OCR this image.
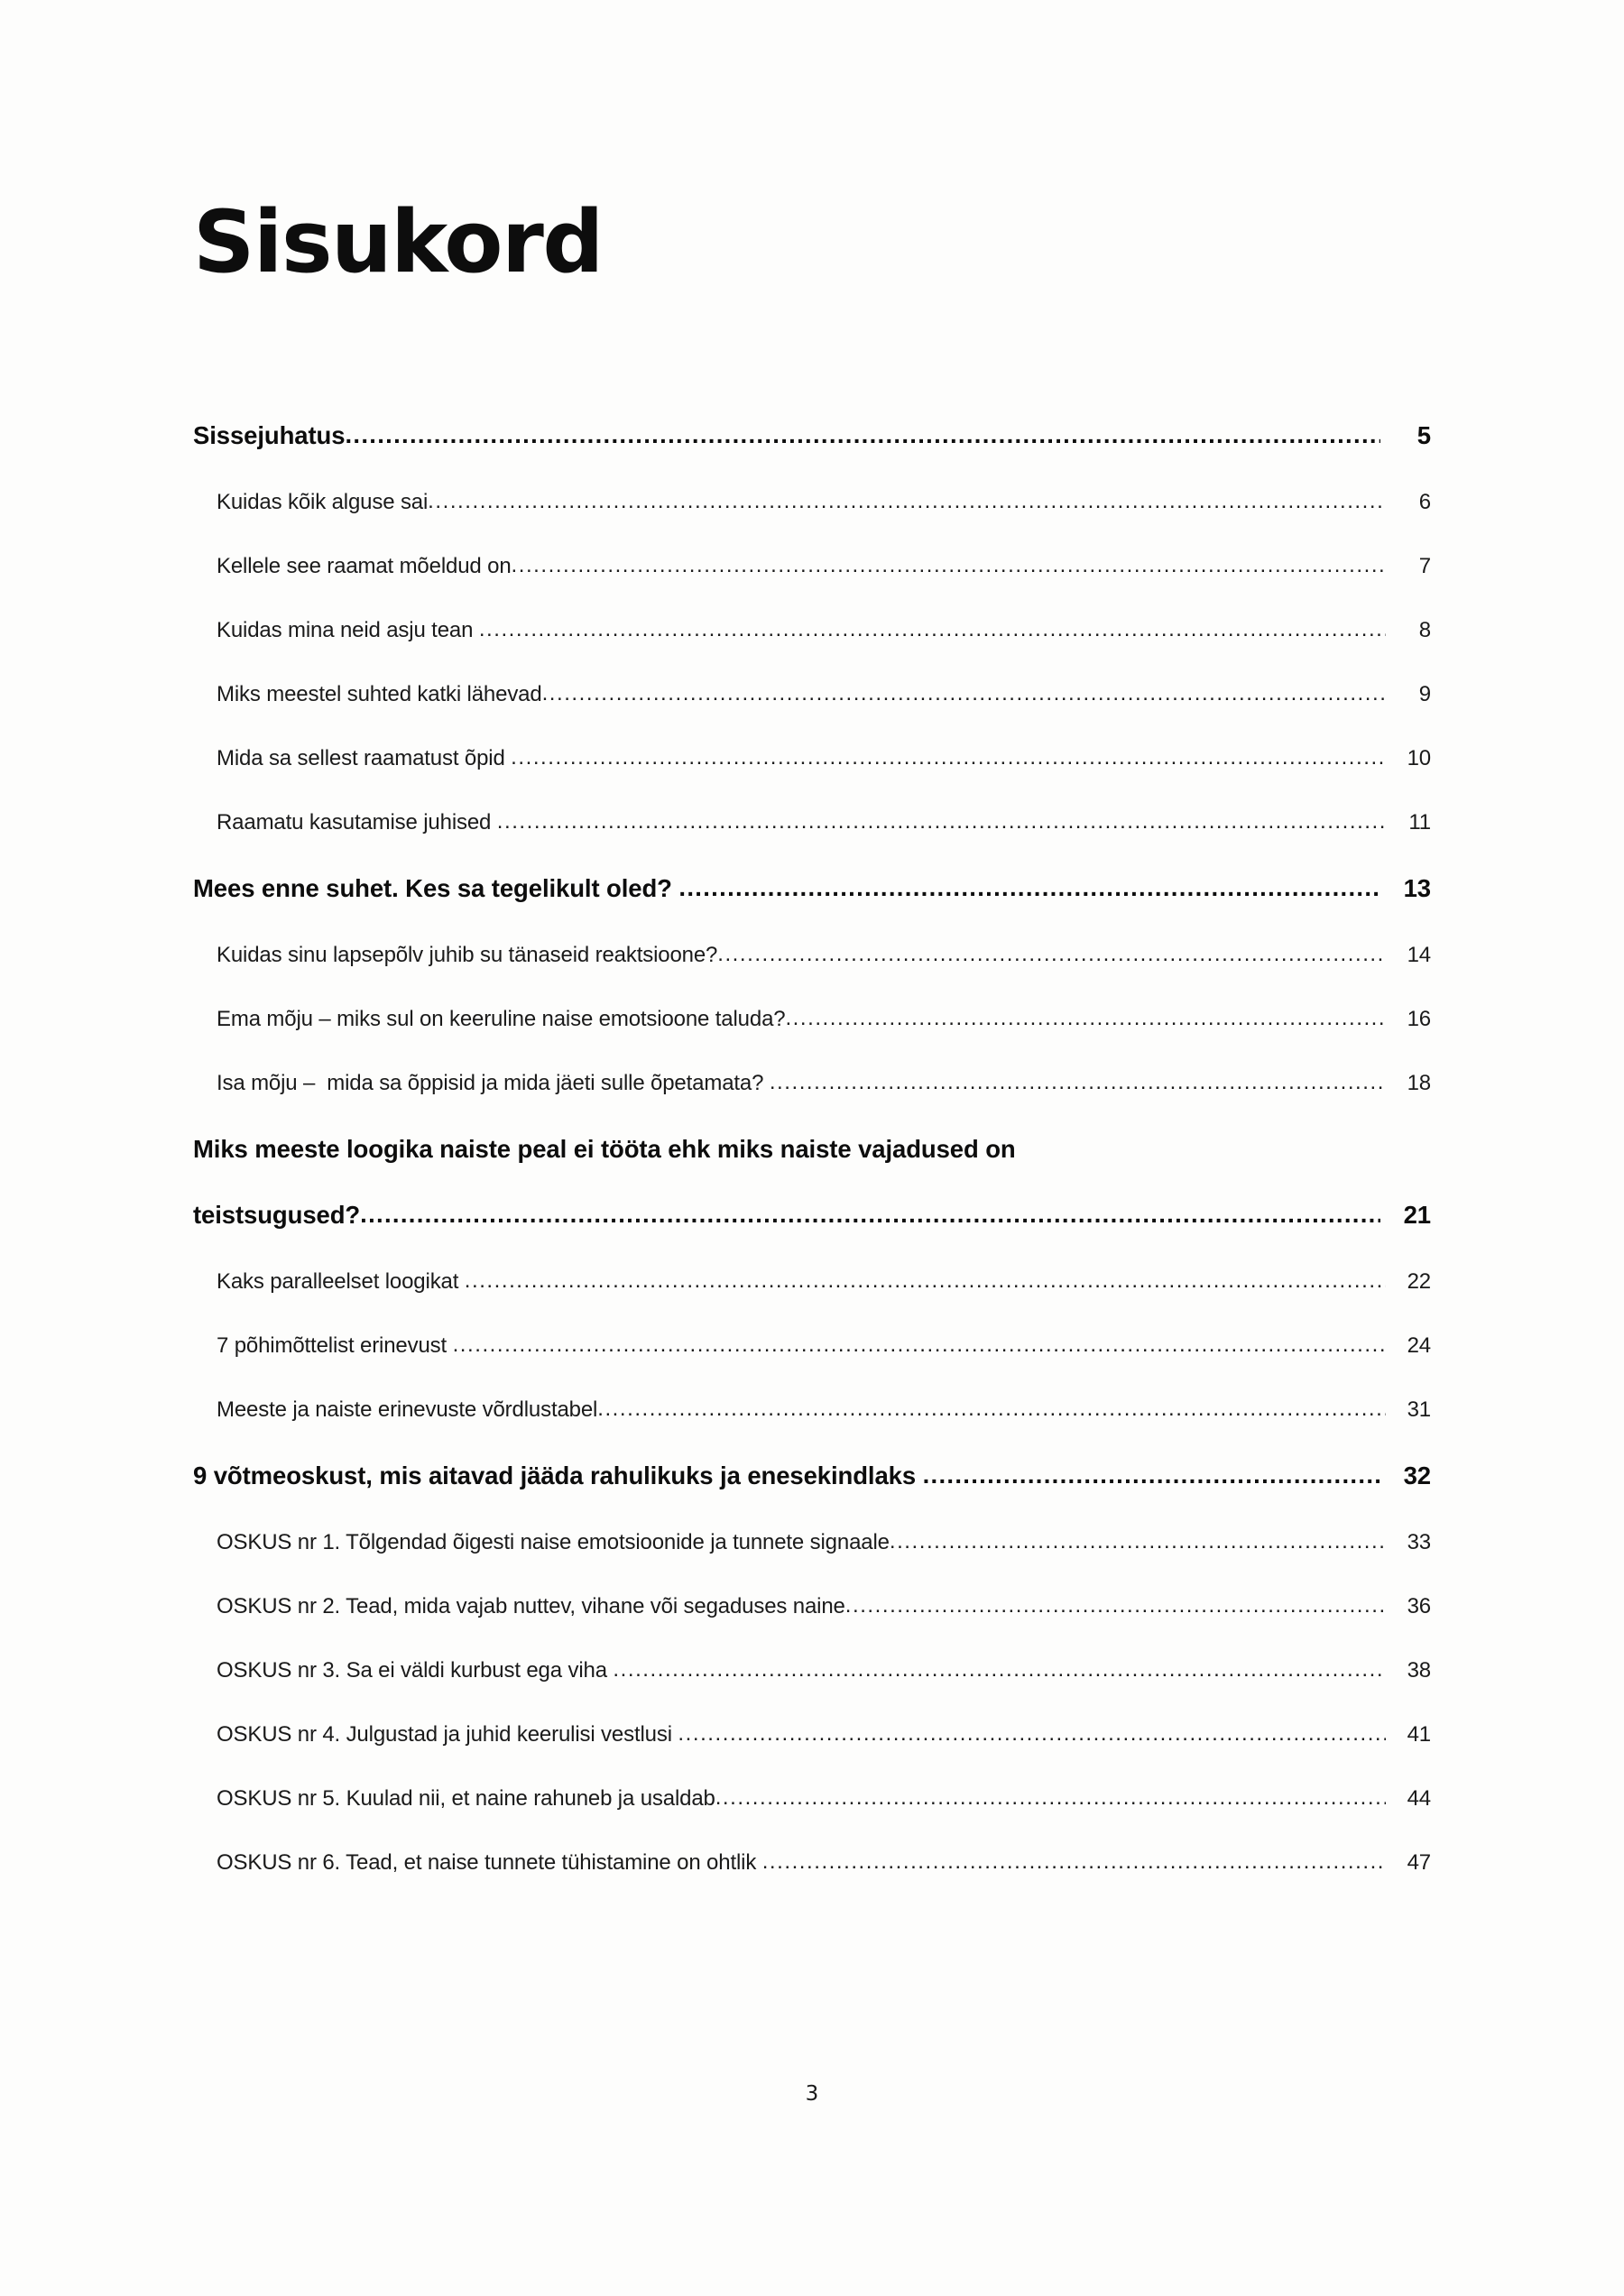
Sisukord
Sissejuhatus .....	5
Kuidas kõik alguse sai .....	6
Kellele see raamat mõeldud on .....	7
Kuidas mina neid asju tean .....	8
Miks meestel suhted katki lähevad .....	9
Mida sa sellest raamatust õpid .....	10
Raamatu kasutamise juhised .....	11
Mees enne suhet. Kes sa tegelikult oled? .....	13
Kuidas sinu lapsepõlv juhib su tänaseid reaktsioone? .....	14
Ema mõju – miks sul on keeruline naise emotsioone taluda? .....	16
Isa mõju –  mida sa õppisid ja mida jäeti sulle õpetamata? .....	18
Miks meeste loogika naiste peal ei tööta ehk miks naiste vajadused on
teistsugused? .....	21
Kaks paralleelset loogikat .....	22
7 põhimõttelist erinevust .....	24
Meeste ja naiste erinevuste võrdlustabel .....	31
9 võtmeoskust, mis aitavad jääda rahulikuks ja enesekindlaks .....	32
OSKUS nr 1. Tõlgendad õigesti naise emotsioonide ja tunnete signaale .....	33
OSKUS nr 2. Tead, mida vajab nuttev, vihane või segaduses naine .....	36
OSKUS nr 3. Sa ei väldi kurbust ega viha .....	38
OSKUS nr 4. Julgustad ja juhid keerulisi vestlusi .....	41
OSKUS nr 5. Kuulad nii, et naine rahuneb ja usaldab .....	44
OSKUS nr 6. Tead, et naise tunnete tühistamine on ohtlik .....	47
3
